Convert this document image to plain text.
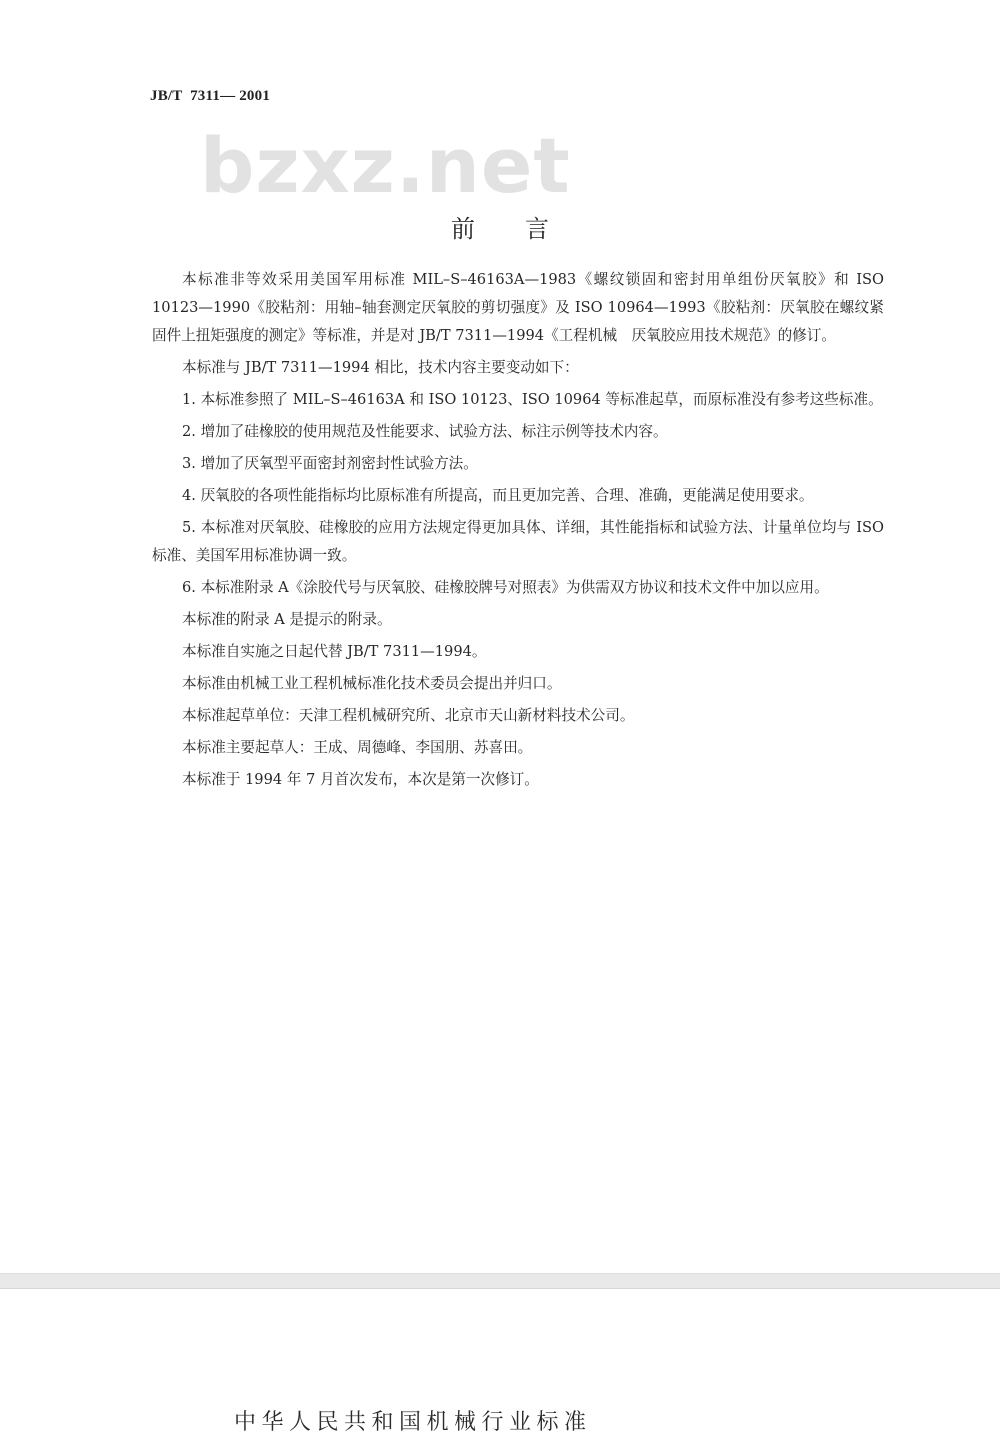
JB/T  7311— 2001
bzxz.net
前言

本标准非等效采用美国军用标准 MIL–S–46163A—1983《螺纹锁固和密封用单组份厌氧胶》和 ISO 10123—1990《胶粘剂：用轴–轴套测定厌氧胶的剪切强度》及 ISO 10964—1993《胶粘剂：厌氧胶在螺纹紧固件上扭矩强度的测定》等标准，并是对 JB/T 7311—1994《工程机械　厌氧胶应用技术规范》的修订。

本标准与 JB/T 7311—1994 相比，技术内容主要变动如下：

1. 本标准参照了 MIL–S–46163A 和 ISO 10123、ISO 10964 等标准起草，而原标准没有参考这些标准。

2. 增加了硅橡胶的使用规范及性能要求、试验方法、标注示例等技术内容。

3. 增加了厌氧型平面密封剂密封性试验方法。

4. 厌氧胶的各项性能指标均比原标准有所提高，而且更加完善、合理、准确，更能满足使用要求。

5. 本标准对厌氧胶、硅橡胶的应用方法规定得更加具体、详细，其性能指标和试验方法、计量单位均与 ISO 标准、美国军用标准协调一致。

6. 本标准附录 A《涂胶代号与厌氧胶、硅橡胶牌号对照表》为供需双方协议和技术文件中加以应用。

本标准的附录 A 是提示的附录。

本标准自实施之日起代替 JB/T 7311—1994。

本标准由机械工业工程机械标准化技术委员会提出并归口。

本标准起草单位：天津工程机械研究所、北京市天山新材料技术公司。

本标准主要起草人：王成、周德峰、李国朋、苏喜田。

本标准于 1994 年 7 月首次发布，本次是第一次修订。

中华人民共和国机械行业标准
